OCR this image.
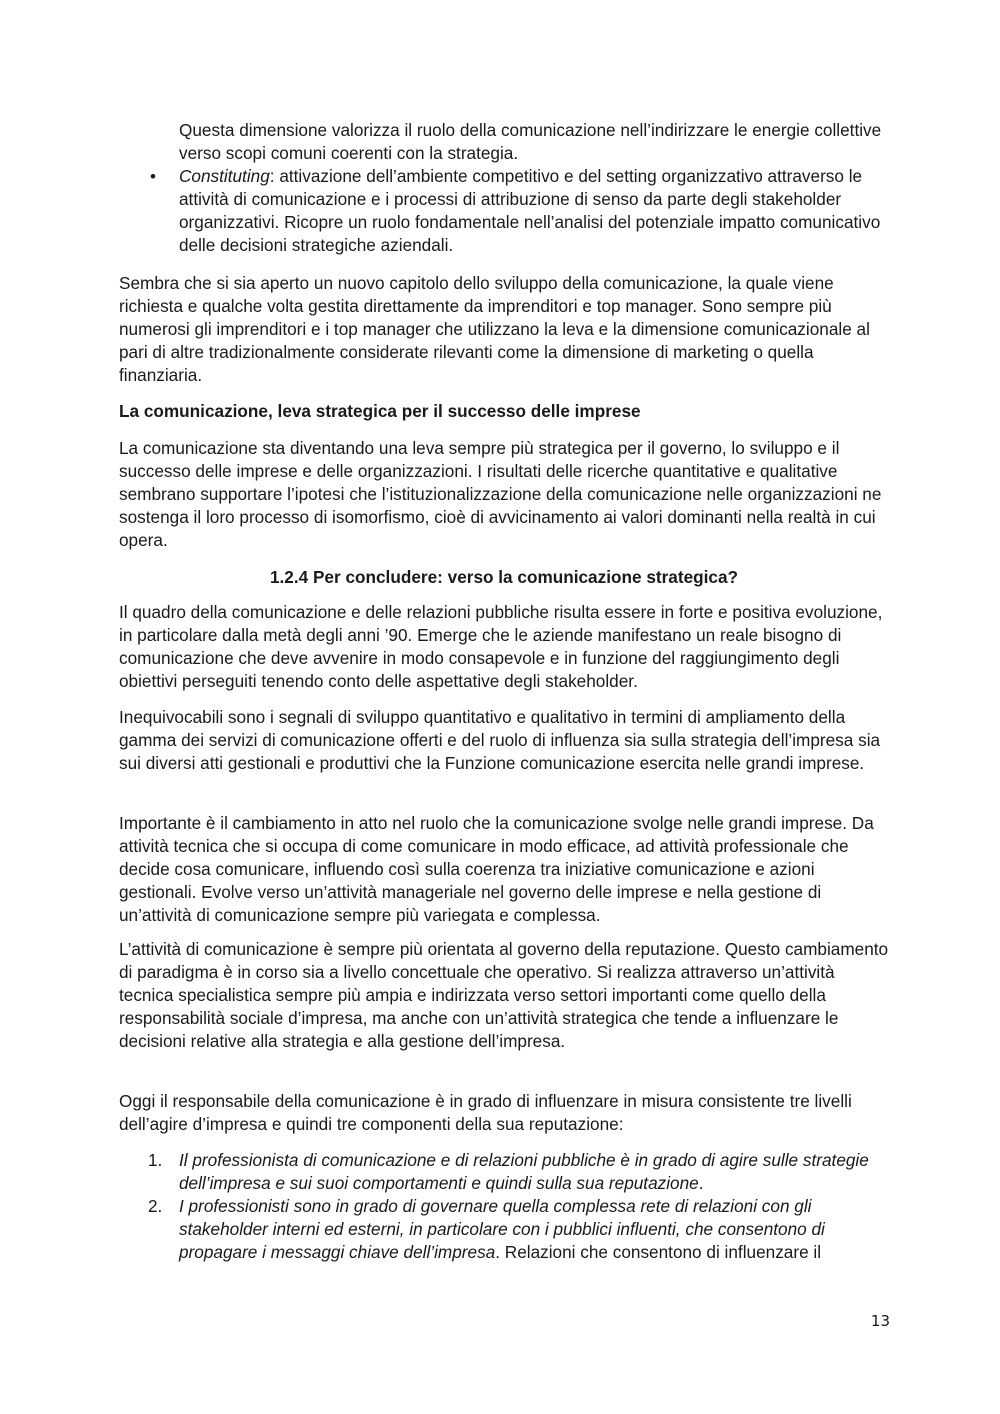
Questa dimensione valorizza il ruolo della comunicazione nell’indirizzare le energie collettive verso scopi comuni coerenti con la strategia.

• Constituting: attivazione dell’ambiente competitivo e del setting organizzativo attraverso le attività di comunicazione e i processi di attribuzione di senso da parte degli stakeholder organizzativi. Ricopre un ruolo fondamentale nell’analisi del potenziale impatto comunicativo delle decisioni strategiche aziendali.

Sembra che si sia aperto un nuovo capitolo dello sviluppo della comunicazione, la quale viene richiesta e qualche volta gestita direttamente da imprenditori e top manager. Sono sempre più numerosi gli imprenditori e i top manager che utilizzano la leva e la dimensione comunicazionale al pari di altre tradizionalmente considerate rilevanti come la dimensione di marketing o quella finanziaria.

La comunicazione, leva strategica per il successo delle imprese

La comunicazione sta diventando una leva sempre più strategica per il governo, lo sviluppo e il successo delle imprese e delle organizzazioni. I risultati delle ricerche quantitative e qualitative sembrano supportare l’ipotesi che l’istituzionalizzazione della comunicazione nelle organizzazioni ne sostenga il loro processo di isomorfismo, cioè di avvicinamento ai valori dominanti nella realtà in cui opera.

1.2.4 Per concludere: verso la comunicazione strategica?

Il quadro della comunicazione e delle relazioni pubbliche risulta essere in forte e positiva evoluzione, in particolare dalla metà degli anni ’90. Emerge che le aziende manifestano un reale bisogno di comunicazione che deve avvenire in modo consapevole e in funzione del raggiungimento degli obiettivi perseguiti tenendo conto delle aspettative degli stakeholder.

Inequivocabili sono i segnali di sviluppo quantitativo e qualitativo in termini di ampliamento della gamma dei servizi di comunicazione offerti e del ruolo di influenza sia sulla strategia dell’impresa sia sui diversi atti gestionali e produttivi che la Funzione comunicazione esercita nelle grandi imprese.

Importante è il cambiamento in atto nel ruolo che la comunicazione svolge nelle grandi imprese. Da attività tecnica che si occupa di come comunicare in modo efficace, ad attività professionale che decide cosa comunicare, influendo così sulla coerenza tra iniziative comunicazione e azioni gestionali. Evolve verso un’attività manageriale nel governo delle imprese e nella gestione di un’attività di comunicazione sempre più variegata e complessa.

L’attività di comunicazione è sempre più orientata al governo della reputazione. Questo cambiamento di paradigma è in corso sia a livello concettuale che operativo. Si realizza attraverso un’attività tecnica specialistica sempre più ampia e indirizzata verso settori importanti come quello della responsabilità sociale d’impresa, ma anche con un’attività strategica che tende a influenzare le decisioni relative alla strategia e alla gestione dell’impresa.

Oggi il responsabile della comunicazione è in grado di influenzare in misura consistente tre livelli dell’agire d’impresa e quindi tre componenti della sua reputazione:

1. Il professionista di comunicazione e di relazioni pubbliche è in grado di agire sulle strategie dell’impresa e sui suoi comportamenti e quindi sulla sua reputazione.

2. I professionisti sono in grado di governare quella complessa rete di relazioni con gli stakeholder interni ed esterni, in particolare con i pubblici influenti, che consentono di propagare i messaggi chiave dell’impresa. Relazioni che consentono di influenzare il

13
